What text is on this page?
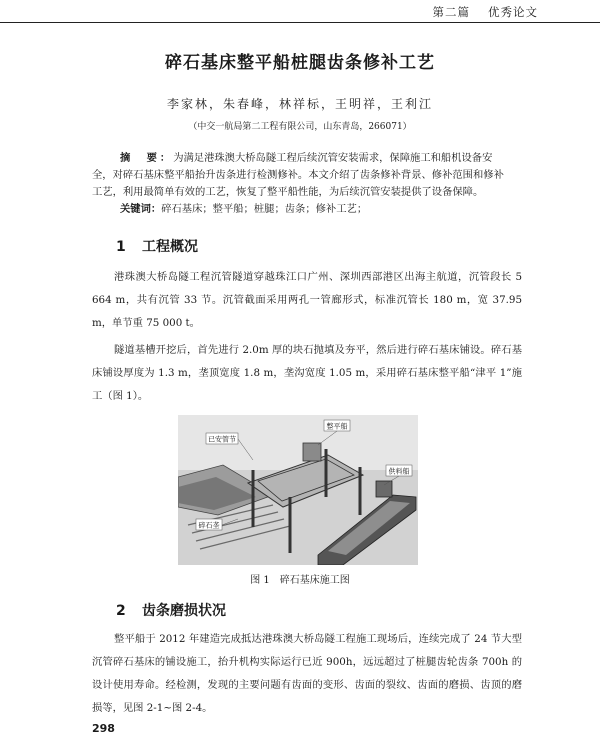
第二篇 优秀论文
碎石基床整平船桩腿齿条修补工艺
李家林，朱春峰，林祥标，王明祥，王利江
（中交一航局第二工程有限公司，山东青岛，266071）

摘　要：为满足港珠澳大桥岛隧工程后续沉管安装需求，保障施工和船机设备安全，对碎石基床整平船抬升齿条进行检测修补。本文介绍了齿条修补背景、修补范围和修补工艺，利用最简单有效的工艺，恢复了整平船性能，为后续沉管安装提供了设备保障。

关键词：碎石基床；整平船；桩腿；齿条；修补工艺；

1 工程概况

港珠澳大桥岛隧工程沉管隧道穿越珠江口广州、深圳西部港区出海主航道，沉管段长 5 664 m，共有沉管 33 节。沉管截面采用两孔一管廊形式，标准沉管长 180 m，宽 37.95 m，单节重 75 000 t。

隧道基槽开挖后，首先进行 2.0m 厚的块石抛填及夯平，然后进行碎石基床铺设。碎石基床铺设厚度为 1.3 m，垄顶宽度 1.8 m，垄沟宽度 1.05 m，采用碎石基床整平船“津平 1”施工（图 1）。

已安管节
整平船
供料船
碎石垄
图 1　碎石基床施工图
2 齿条磨损状况

整平船于 2012 年建造完成抵达港珠澳大桥岛隧工程施工现场后，连续完成了 24 节大型沉管碎石基床的铺设施工，抬升机构实际运行已近 900h，远远超过了桩腿齿轮齿条 700h 的设计使用寿命。经检测，发现的主要问题有齿面的变形、齿面的裂纹、齿面的磨损、齿顶的磨损等，见图 2-1~图 2-4。

298
